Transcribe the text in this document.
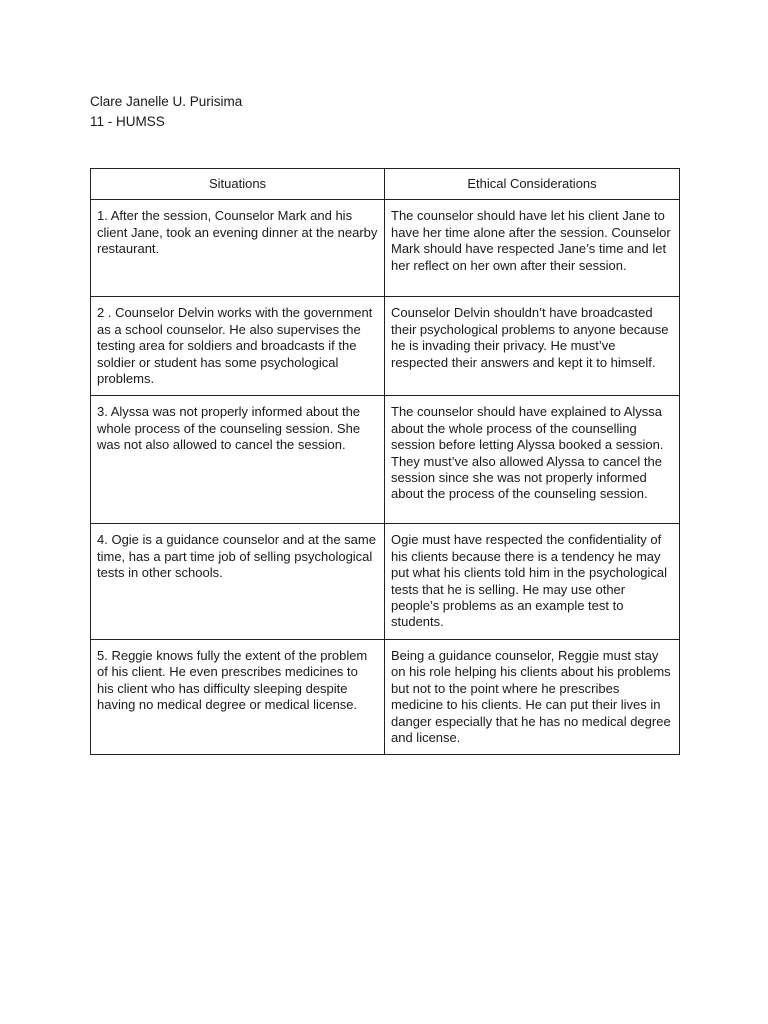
Clare Janelle U. Purisima
11 - HUMSS
Situations	Ethical Considerations
1. After the session, Counselor Mark and his client Jane, took an evening dinner at the nearby restaurant.	The counselor should have let his client Jane to have her time alone after the session. Counselor Mark should have respected Jane’s time and let her reflect on her own after their session.
2 . Counselor Delvin works with the government as a school counselor. He also supervises the testing area for soldiers and broadcasts if the soldier or student has some psychological problems.	Counselor Delvin shouldn’t have broadcasted their psychological problems to anyone because he is invading their privacy. He must’ve respected their answers and kept it to himself.
3. Alyssa was not properly informed about the whole process of the counseling session. She was not also allowed to cancel the session.	The counselor should have explained to Alyssa about the whole process of the counselling session before letting Alyssa booked a session. They must’ve also allowed Alyssa to cancel the session since she was not properly informed about the process of the counseling session.
4. Ogie is a guidance counselor and at the same time, has a part time job of selling psychological tests in other schools.	Ogie must have respected the confidentiality of his clients because there is a tendency he may put what his clients told him in the psychological tests that he is selling. He may use other people’s problems as an example test to students.
5. Reggie knows fully the extent of the problem of his client. He even prescribes medicines to his client who has difficulty sleeping despite having no medical degree or medical license.	Being a guidance counselor, Reggie must stay on his role helping his clients about his problems but not to the point where he prescribes medicine to his clients. He can put their lives in danger especially that he has no medical degree and license.
